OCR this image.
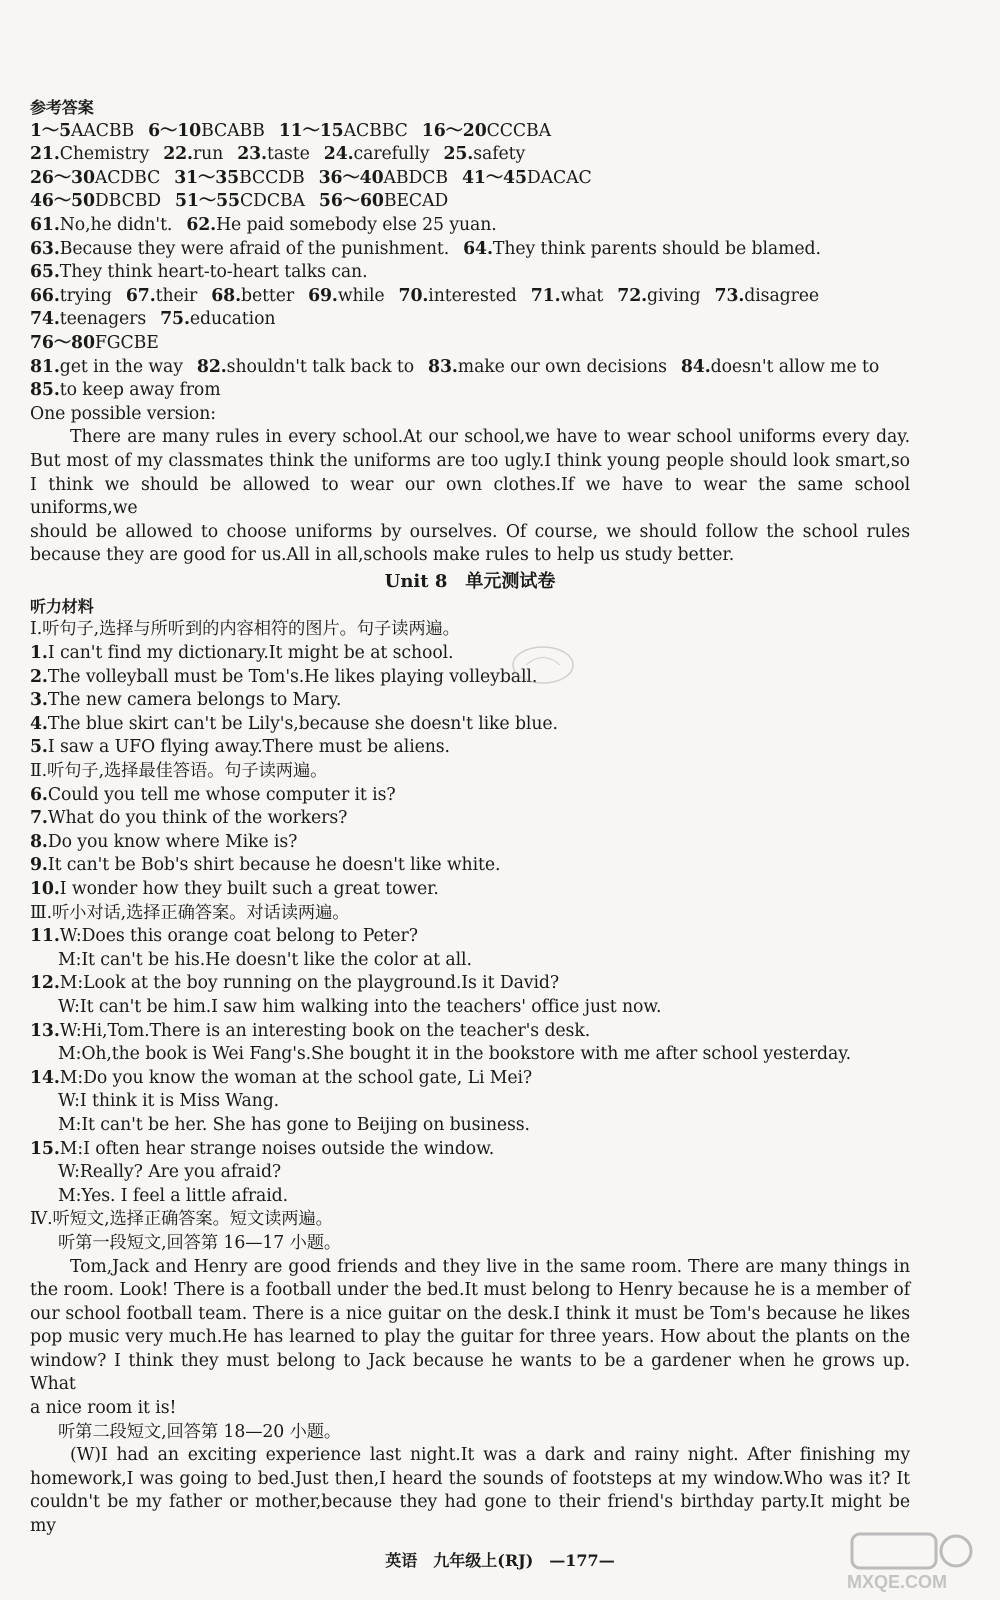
参考答案
1～5AACBB 6～10BCABB 11～15ACBBC 16～20CCCBA
21.Chemistry 22.run 23.taste 24.carefully 25.safety
26～30ACDBC 31～35BCCDB 36～40ABDCB 41～45DACAC
46～50DBCBD 51～55CDCBA 56～60BECAD
61.No,he didn't. 62.He paid somebody else 25 yuan.
63.Because they were afraid of the punishment. 64.They think parents should be blamed.
65.They think heart-to-heart talks can.
66.trying 67.their 68.better 69.while 70.interested 71.what 72.giving 73.disagree
74.teenagers 75.education
76～80FGCBE
81.get in the way 82.shouldn't talk back to 83.make our own decisions 84.doesn't allow me to
85.to keep away from
One possible version:
There are many rules in every school.At our school,we have to wear school uniforms every day.
But most of my classmates think the uniforms are too ugly.I think young people should look smart,so
I think we should be allowed to wear our own clothes.If we have to wear the same school uniforms,we
should be allowed to choose uniforms by ourselves. Of course, we should follow the school rules
because they are good for us.All in all,schools make rules to help us study better.
Unit 8　单元测试卷
听力材料
Ⅰ.听句子,选择与所听到的内容相符的图片。句子读两遍。
1.I can't find my dictionary.It might be at school.
2.The volleyball must be Tom's.He likes playing volleyball.
3.The new camera belongs to Mary.
4.The blue skirt can't be Lily's,because she doesn't like blue.
5.I saw a UFO flying away.There must be aliens.
Ⅱ.听句子,选择最佳答语。句子读两遍。
6.Could you tell me whose computer it is?
7.What do you think of the workers?
8.Do you know where Mike is?
9.It can't be Bob's shirt because he doesn't like white.
10.I wonder how they built such a great tower.
Ⅲ.听小对话,选择正确答案。对话读两遍。
11.W:Does this orange coat belong to Peter?
M:It can't be his.He doesn't like the color at all.
12.M:Look at the boy running on the playground.Is it David?
W:It can't be him.I saw him walking into the teachers' office just now.
13.W:Hi,Tom.There is an interesting book on the teacher's desk.
M:Oh,the book is Wei Fang's.She bought it in the bookstore with me after school yesterday.
14.M:Do you know the woman at the school gate, Li Mei?
W:I think it is Miss Wang.
M:It can't be her. She has gone to Beijing on business.
15.M:I often hear strange noises outside the window.
W:Really? Are you afraid?
M:Yes. I feel a little afraid.
Ⅳ.听短文,选择正确答案。短文读两遍。
听第一段短文,回答第 16—17 小题。
Tom,Jack and Henry are good friends and they live in the same room. There are many things in
the room. Look! There is a football under the bed.It must belong to Henry because he is a member of
our school football team. There is a nice guitar on the desk.I think it must be Tom's because he likes
pop music very much.He has learned to play the guitar for three years. How about the plants on the
window? I think they must belong to Jack because he wants to be a gardener when he grows up. What
a nice room it is!
听第二段短文,回答第 18—20 小题。
(W)I had an exciting experience last night.It was a dark and rainy night. After finishing my
homework,I was going to bed.Just then,I heard the sounds of footsteps at my window.Who was it? It
couldn't be my father or mother,because they had gone to their friend's birthday party.It might be my
英语　九年级上(RJ)　—177—
MXQE.COM
